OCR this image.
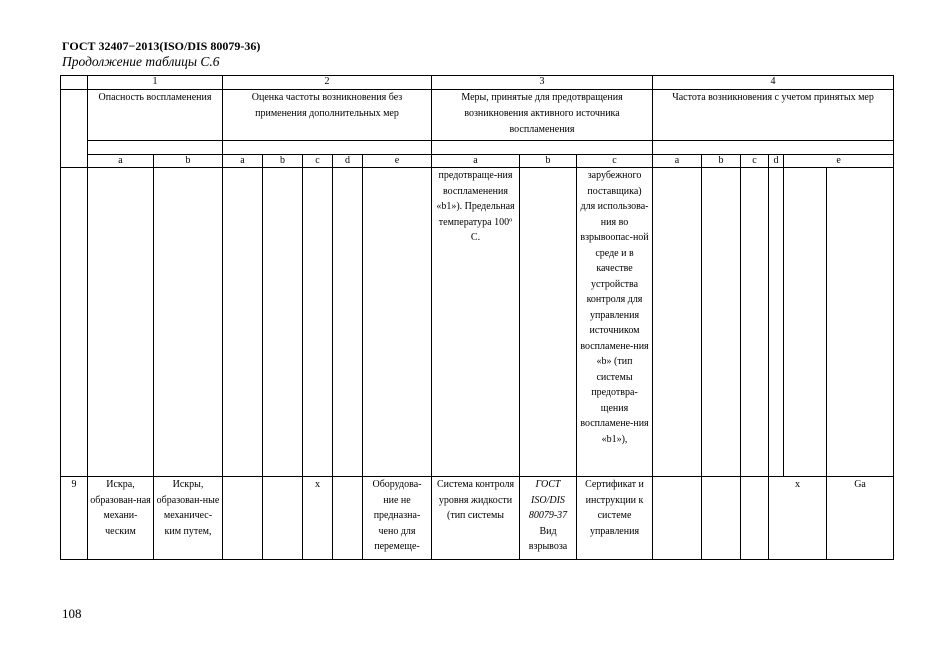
ГОСТ 32407−2013(ISO/DIS 80079-36)
Продолжение таблицы С.6
	1		2					3			4						
	Опасность воспламенения		Оценка частоты возникновения без применения дополнительных мер					Меры, принятые для предотвращения возникновения активного источника воспламенения			Частота возникновения с учетом принятых мер						

	a	b	a	b	c	d	e	a	b	c	a	b	c	d	e	
								предотвраще-ния воспламенения «b1»). Предельная температура 100º С.		зарубежного поставщика) для использова-ния во взрывоопас-ной среде и в качестве устройства контроля для управления источником воспламене-ния «b» (тип системы предотвра-щения воспламене-ния «b1»),							
9	Искра, образован-ная механи-ческим	Искры, образован-ные механичес-ким путем,			x		Оборудова-ние не предназна-чено для перемеще-	Система контроля уровня жидкости (тип системы	ГОСТ ISO/DIS 80079-37 Вид взрывоза	Сертификат и инструкции к системе управления				x		Ga	
108
